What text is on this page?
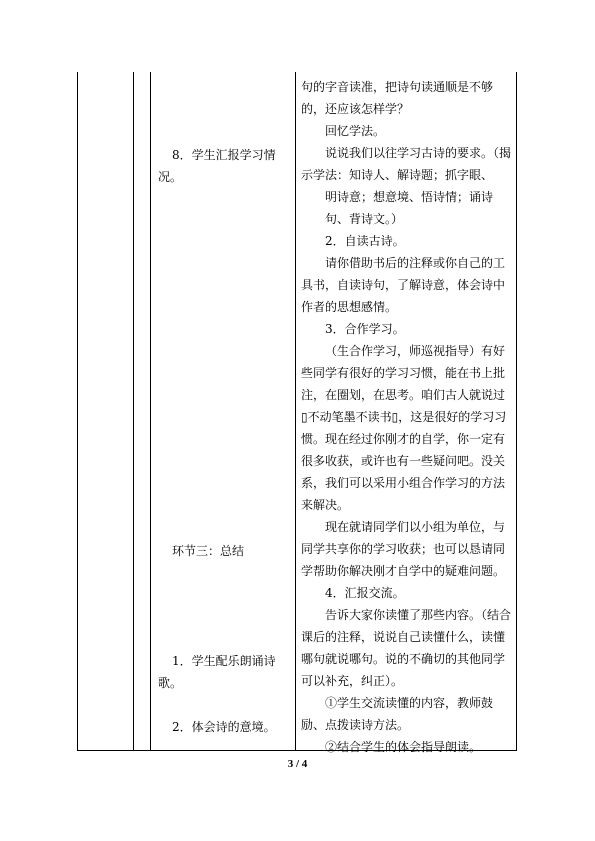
8．学生汇报学习情
况。
环节三：总结
1．学生配乐朗诵诗
歌。
2．体会诗的意境。

句的字音读准，把诗句读通顺是不够

的，还应该怎样学？

回忆学法。

说说我们以往学习古诗的要求。（揭

示学法：知诗人、解诗题；抓字眼、

明诗意；想意境、悟诗情；诵诗

句、背诗文。）

2．自读古诗。

请你借助书后的注释或你自己的工

具书，自读诗句，了解诗意，体会诗中

作者的思想感情。

3．合作学习。

（生合作学习，师巡视指导）有好

些同学有很好的学习习惯，能在书上批

注，在圈划，在思考。咱们古人就说过

▯不动笔墨不读书▯，这是很好的学习习

惯。现在经过你刚才的自学，你一定有

很多收获，或许也有一些疑问吧。没关

系，我们可以采用小组合作学习的方法

来解决。

现在就请同学们以小组为单位，与

同学共享你的学习收获；也可以恳请同

学帮助你解决刚才自学中的疑难问题。

4．汇报交流。

告诉大家你读懂了那些内容。（结合

课后的注释，说说自己读懂什么，读懂

哪句就说哪句。说的不确切的其他同学

可以补充，纠正）。

①学生交流读懂的内容，教师鼓

励、点拨读诗方法。

②结合学生的体会指导朗读。

3 / 4
